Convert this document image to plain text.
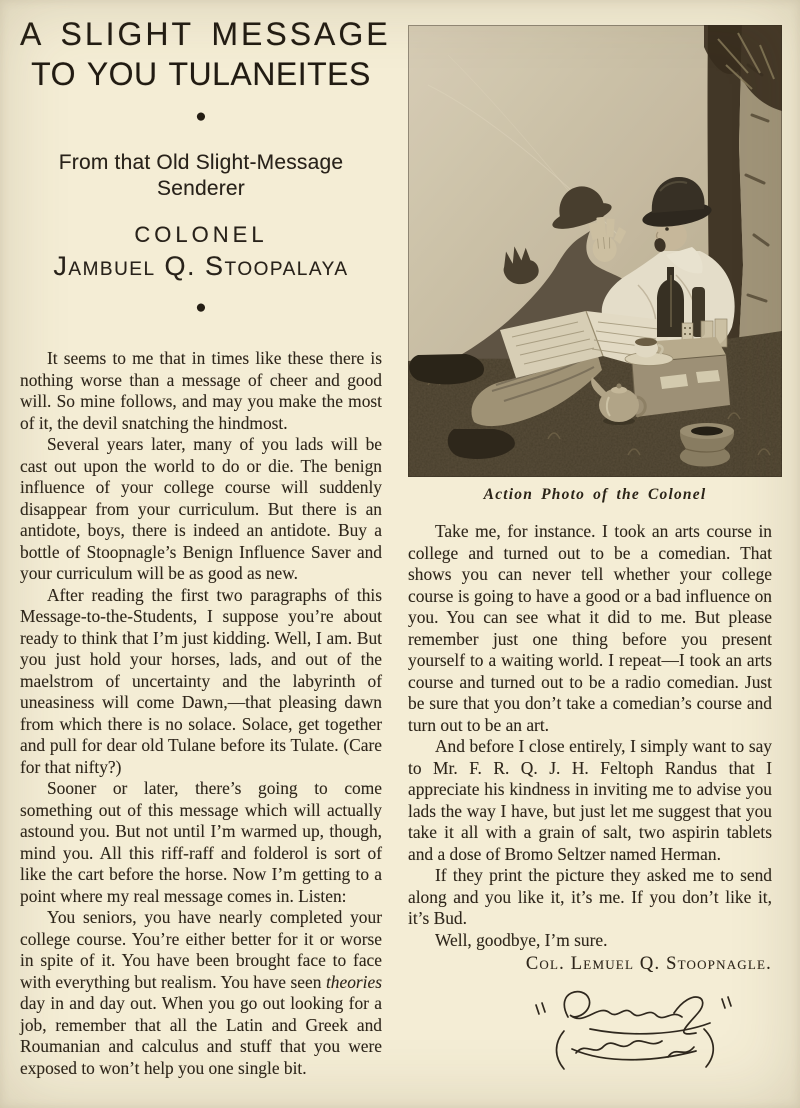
A SLIGHT MESSAGE
TO YOU TULANEITES
●
From that Old Slight-Message Senderer
COLONEL
Jambuel Q. Stoopalaya
●

It seems to me that in times like these there is nothing worse than a message of cheer and good will. So mine follows, and may you make the most of it, the devil snatching the hindmost.

Several years later, many of you lads will be cast out upon the world to do or die. The benign influence of your college course will suddenly disappear from your curriculum. But there is an antidote, boys, there is indeed an antidote. Buy a bottle of Stoopnagle’s Benign Influence Saver and your curriculum will be as good as new.

After reading the first two paragraphs of this Message-to-the-Students, I suppose you’re about ready to think that I’m just kidding. Well, I am. But you just hold your horses, lads, and out of the maelstrom of uncertainty and the labyrinth of uneasiness will come Dawn,—that pleasing dawn from which there is no solace. Solace, get together and pull for dear old Tulane before its Tulate. (Care for that nifty?)

Sooner or later, there’s going to come something out of this message which will actually astound you. But not until I’m warmed up, though, mind you. All this riff-raff and folderol is sort of like the cart before the horse. Now I’m getting to a point where my real message comes in. Listen:

You seniors, you have nearly completed your college course. You’re either better for it or worse in spite of it. You have been brought face to face with everything but realism. You have seen theories day in and day out. When you go out looking for a job, remember that all the Latin and Greek and Roumanian and calculus and stuff that you were exposed to won’t help you one single bit.

Action Photo of the Colonel

Take me, for instance. I took an arts course in college and turned out to be a comedian. That shows you can never tell whether your college course is going to have a good or a bad influence on you. You can see what it did to me. But please remember just one thing before you present yourself to a waiting world. I repeat—I took an arts course and turned out to be a radio comedian. Just be sure that you don’t take a comedian’s course and turn out to be an art.

And before I close entirely, I simply want to say to Mr. F. R. Q. J. H. Feltoph Randus that I appreciate his kindness in inviting me to advise you lads the way I have, but just let me suggest that you take it all with a grain of salt, two aspirin tablets and a dose of Bromo Seltzer named Herman.

If they print the picture they asked me to send along and you like it, it’s me. If you don’t like it, it’s Bud.

Well, goodbye, I’m sure.

Col. Lemuel Q. Stoopnagle.
